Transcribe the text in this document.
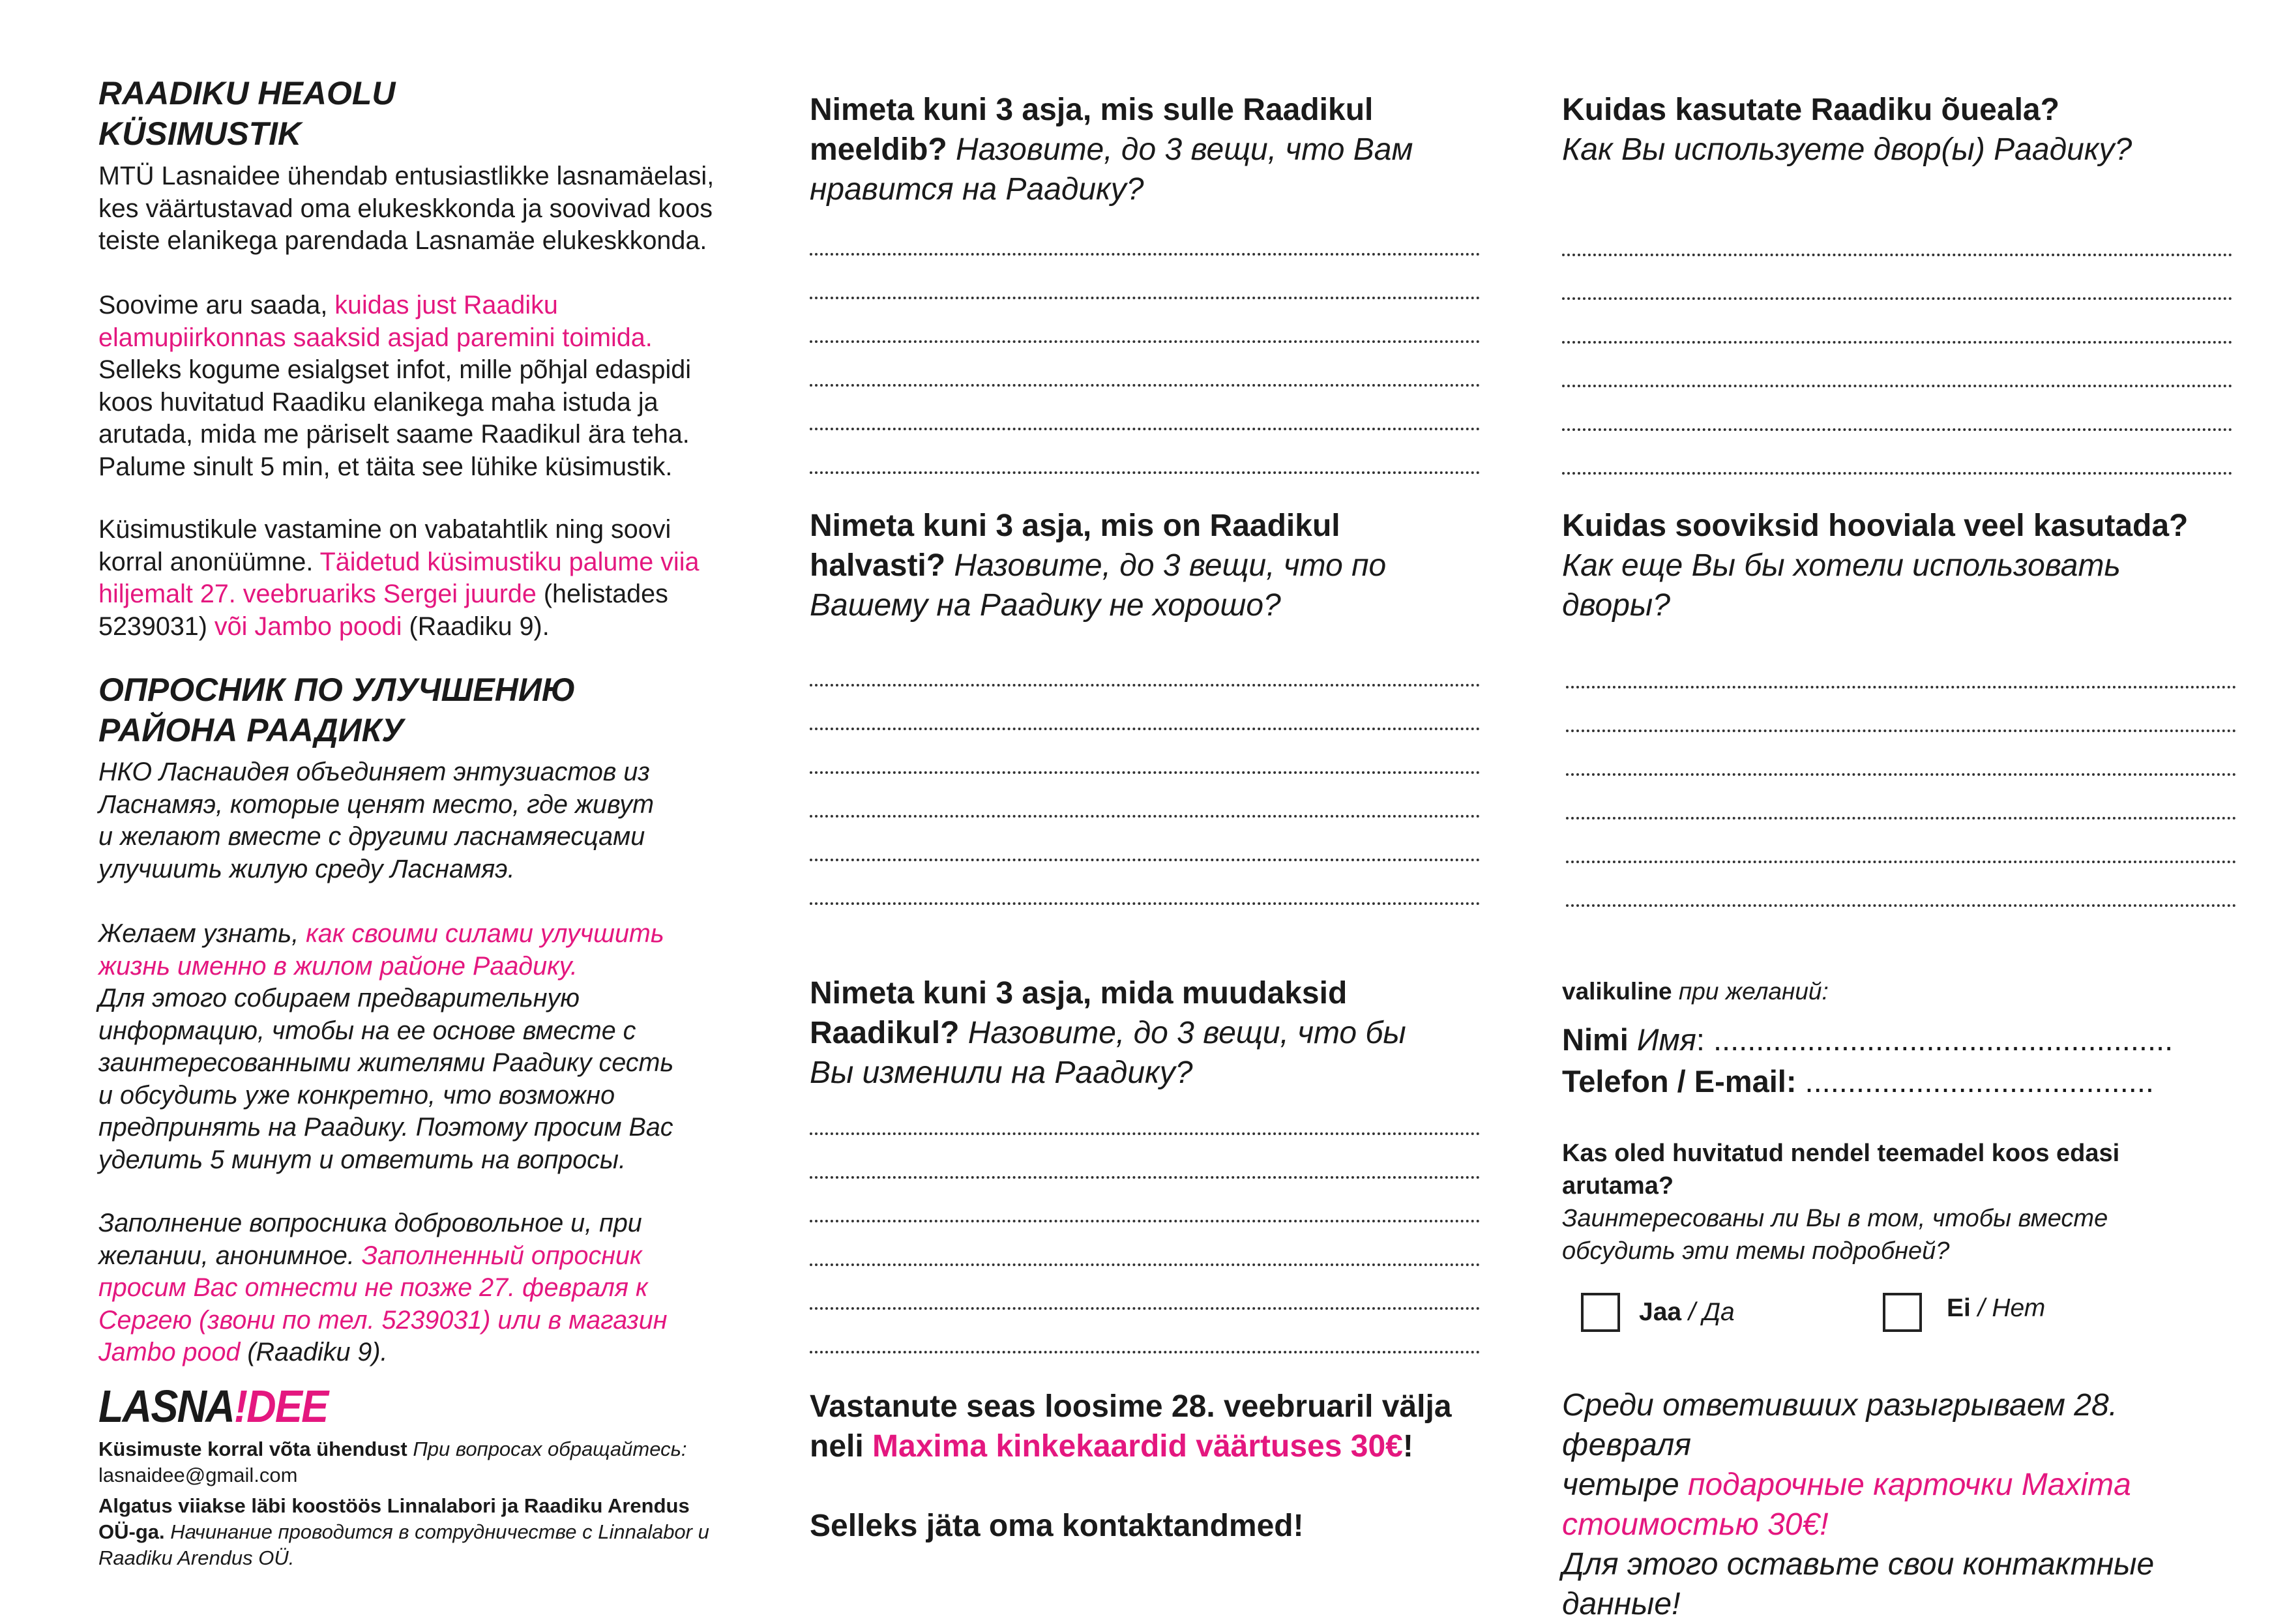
RAADIKU HEAOLU
KÜSIMUSTIK
MTÜ Lasnaidee ühendab entusiastlikke lasnamäelasi,
kes väärtustavad oma elukeskkonda ja soovivad koos
teiste elanikega parendada Lasnamäe elukeskkonda.
Soovime aru saada, kuidas just Raadiku
elamupiirkonnas saaksid asjad paremini toimida.
Selleks kogume esialgset infot, mille põhjal edaspidi
koos huvitatud Raadiku elanikega maha istuda ja
arutada, mida me päriselt saame Raadikul ära teha.
Palume sinult 5 min, et täita see lühike küsimustik.
Küsimustikule vastamine on vabatahtlik ning soovi
korral anonüümne. Täidetud küsimustiku palume viia
hiljemalt 27. veebruariks Sergei juurde (helistades
5239031) või Jambo poodi (Raadiku 9).
ОПРОСНИК ПО УЛУЧШЕНИЮ
РАЙОНА РААДИКУ
НКО Ласнаидея объединяет энтузиастов из
Ласнамяэ, которые ценят место, где живут
и желают вместе с другими ласнамяесцами
улучшить жилую среду Ласнамяэ.
Желаем узнать, как своими силами улучшить
жизнь именно в жилом районе Раадику.
Для этого собираем предварительную
информацию, чтобы на ее основе вместе с
заинтересованными жителями Раадику сесть
и обсудить уже конкретно, что возможно
предпринять на Раадику. Поэтому просим Вас
уделить 5 минут и ответить на вопросы.
Заполнение вопросника добровольное и, при
желании, анонимное. Заполненный опросник
просим Вас отнести не позже 27. февраля к
Сергею (звони по тел. 5239031) или в магазин
Jambo pood (Raadiku 9).
LASNA!DEE
Küsimuste korral võta ühendust При вопросах обращайтесь:
lasnaidee@gmail.com
Algatus viiakse läbi koostöös Linnalabori ja Raadiku Arendus
OÜ-ga. Начинание проводится в сотрудничестве с Linnalabor и
Raadiku Arendus OÜ.
Nimeta kuni 3 asja, mis sulle Raadikul
meeldib? Назовите, до 3 вещи, что Вам
нравится на Раадику?
Nimeta kuni 3 asja, mis on Raadikul
halvasti? Назовите, до 3 вещи, что по
Вашему на Раадику не хорошо?
Nimeta kuni 3 asja, mida muudaksid
Raadikul? Назовите, до 3 вещи, что бы
Вы изменили на Раадику?
Vastanute seas loosime 28. veebruaril välja
neli Maxima kinkekaardid väärtuses 30€!
Selleks jäta oma kontaktandmed!
Kuidas kasutate Raadiku õueala?
Как Вы используете двор(ы) Раадику?
Kuidas sooviksid hooviala veel kasutada?
Как еще Вы бы хотели использовать
дворы?
valikuline при желаний:
Nimi Имя: ......................................................
Telefon / E-mail: .........................................
Kas oled huvitatud nendel teemadel koos edasi
arutama?
Заинтересованы ли Вы в том, чтобы вместе
обсудить эти темы подробней?
Jaa / Да	Ei / Нет
Среди ответивших разыгрываем 28. февраля
четыре подарочные карточки Maxima
стоимостью 30€!
Для этого оставьте свои контактные
данные!
